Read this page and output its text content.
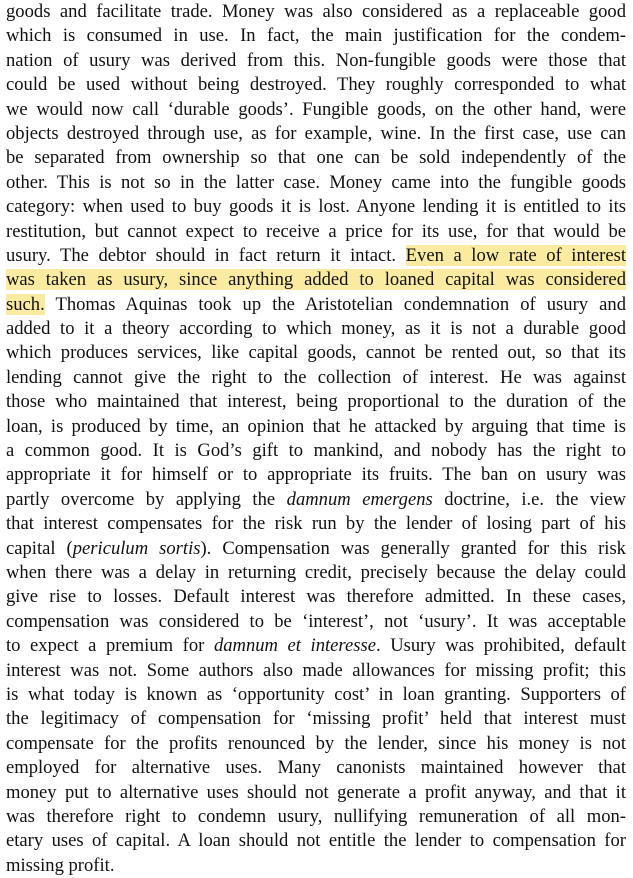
goods and facilitate trade. Money was also considered as a replaceable good
which is consumed in use. In fact, the main justification for the condem-
nation of usury was derived from this. Non-fungible goods were those that
could be used without being destroyed. They roughly corresponded to what
we would now call ‘durable goods’. Fungible goods, on the other hand, were
objects destroyed through use, as for example, wine. In the first case, use can
be separated from ownership so that one can be sold independently of the
other. This is not so in the latter case. Money came into the fungible goods
category: when used to buy goods it is lost. Anyone lending it is entitled to its
restitution, but cannot expect to receive a price for its use, for that would be
usury. The debtor should in fact return it intact. Even a low rate of interest
was taken as usury, since anything added to loaned capital was considered
such. Thomas Aquinas took up the Aristotelian condemnation of usury and
added to it a theory according to which money, as it is not a durable good
which produces services, like capital goods, cannot be rented out, so that its
lending cannot give the right to the collection of interest. He was against
those who maintained that interest, being proportional to the duration of the
loan, is produced by time, an opinion that he attacked by arguing that time is
a common good. It is God’s gift to mankind, and nobody has the right to
appropriate it for himself or to appropriate its fruits. The ban on usury was
partly overcome by applying the damnum emergens doctrine, i.e. the view
that interest compensates for the risk run by the lender of losing part of his
capital (periculum sortis). Compensation was generally granted for this risk
when there was a delay in returning credit, precisely because the delay could
give rise to losses. Default interest was therefore admitted. In these cases,
compensation was considered to be ‘interest’, not ‘usury’. It was acceptable
to expect a premium for damnum et interesse. Usury was prohibited, default
interest was not. Some authors also made allowances for missing profit; this
is what today is known as ‘opportunity cost’ in loan granting. Supporters of
the legitimacy of compensation for ‘missing profit’ held that interest must
compensate for the profits renounced by the lender, since his money is not
employed for alternative uses. Many canonists maintained however that
money put to alternative uses should not generate a profit anyway, and that it
was therefore right to condemn usury, nullifying remuneration of all mon-
etary uses of capital. A loan should not entitle the lender to compensation for
missing profit.
